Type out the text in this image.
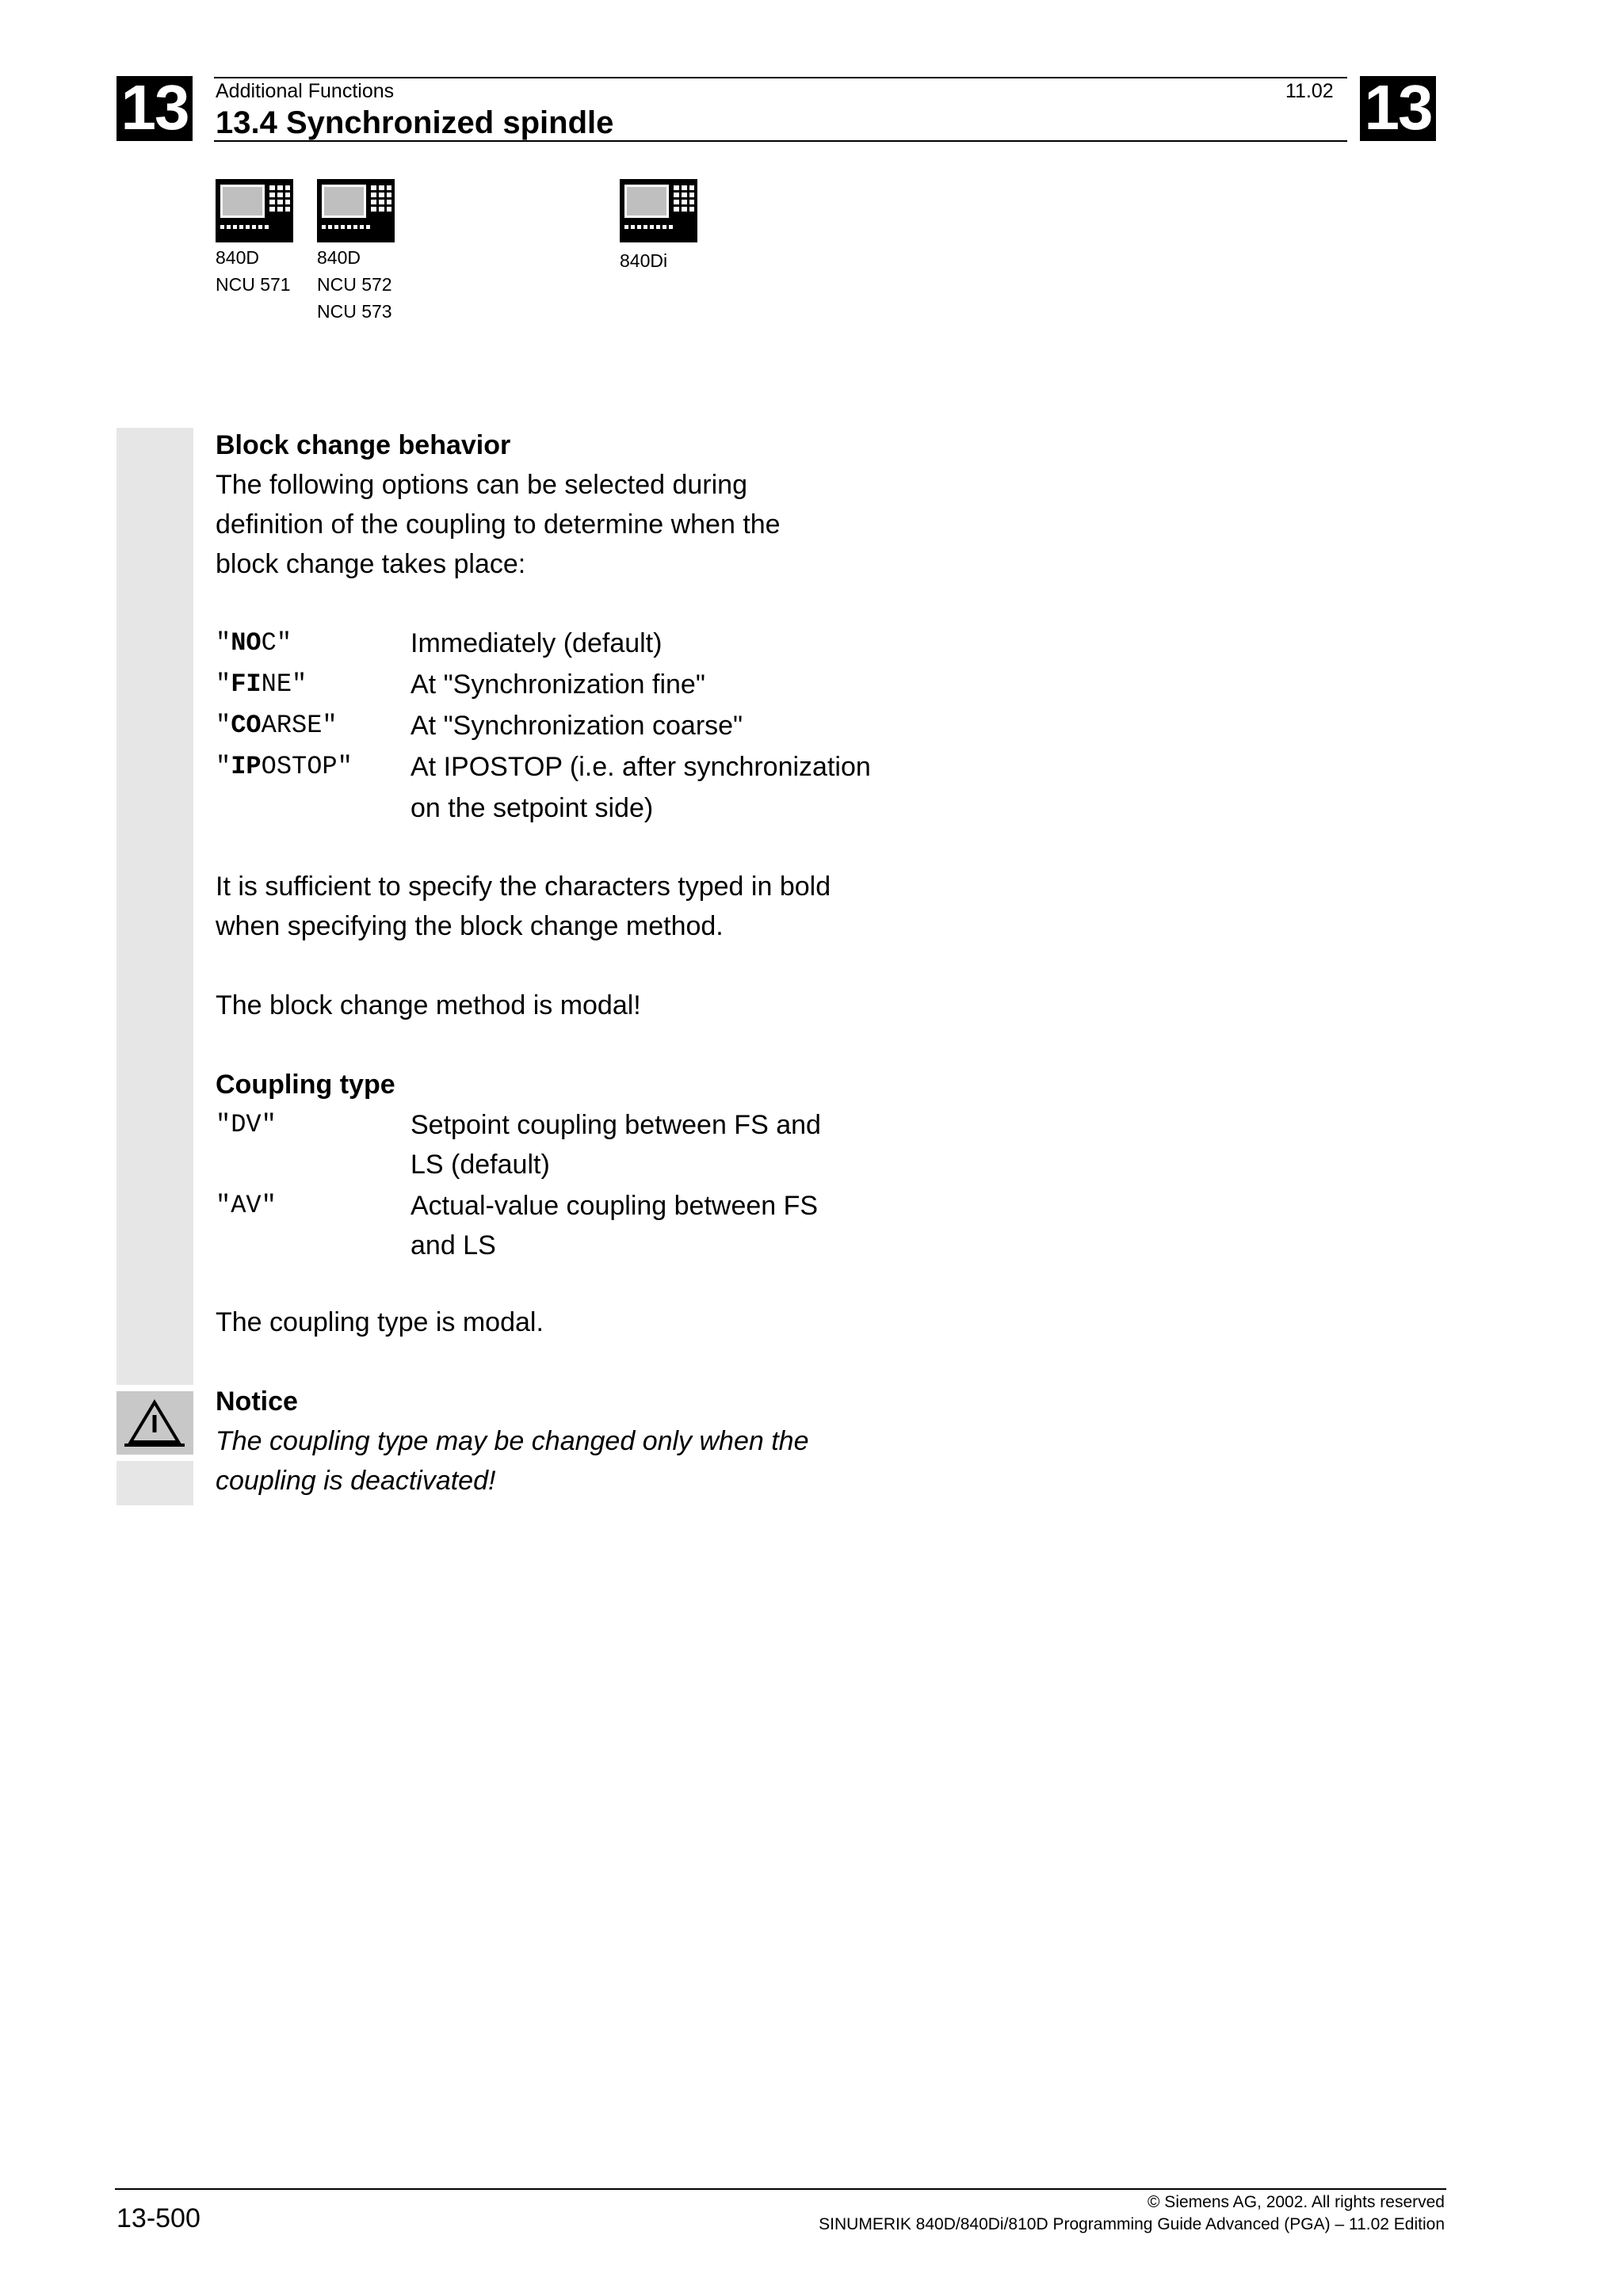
13	13
Additional Functions	11.02
13.4 Synchronized spindle
840D
NCU 571
840D
NCU 572
NCU 573
840Di
Block change behavior
The following options can be selected during
definition of the coupling to determine when the
block change takes place:
"NOC"	Immediately (default)
"FINE"	At "Synchronization fine"
"COARSE"	At "Synchronization coarse"
"IPOSTOP" At IPOSTOP (i.e. after synchronization
on the setpoint side)
It is sufficient to specify the characters typed in bold
when specifying the block change method.
The block change method is modal!
Coupling type
"DV"	Setpoint coupling between FS and
LS (default)
"AV"	Actual-value coupling between FS
and LS
The coupling type is modal.
Notice
The coupling type may be changed only when the
coupling is deactivated!
13-500
© Siemens AG, 2002. All rights reserved
SINUMERIK 840D/840Di/810D Programming Guide Advanced (PGA) – 11.02 Edition
